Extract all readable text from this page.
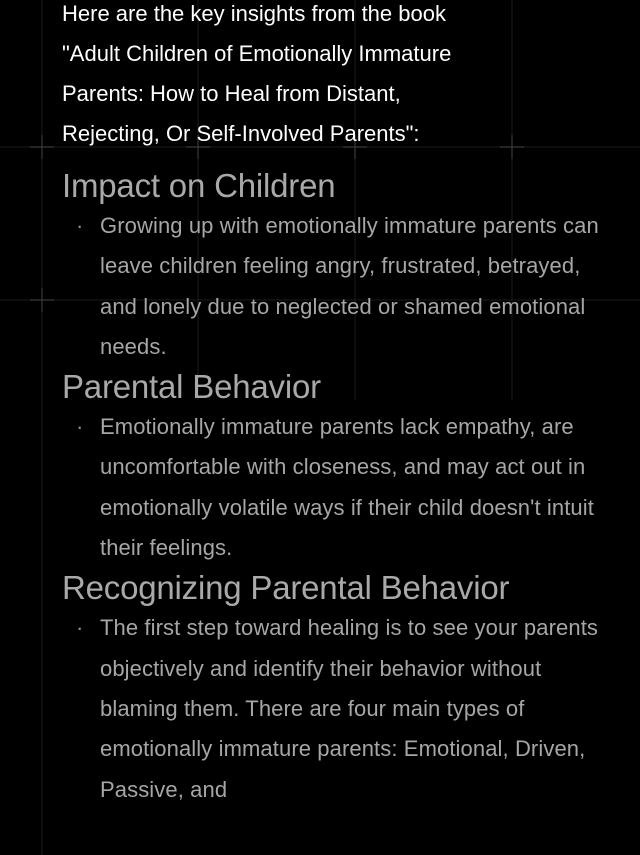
Here are the key insights from the book
"Adult Children of Emotionally Immature
Parents: How to Heal from Distant,
Rejecting, Or Self-Involved Parents":

Impact on Children
· Growing up with emotionally immature parents can leave children feeling angry, frustrated, betrayed, and lonely due to neglected or shamed emotional needs.

Parental Behavior
· Emotionally immature parents lack empathy, are uncomfortable with closeness, and may act out in emotionally volatile ways if their child doesn't intuit their feelings.

Recognizing Parental Behavior
· The first step toward healing is to see your parents objectively and identify their behavior without blaming them. There are four main types of emotionally immature parents: Emotional, Driven, Passive, and
